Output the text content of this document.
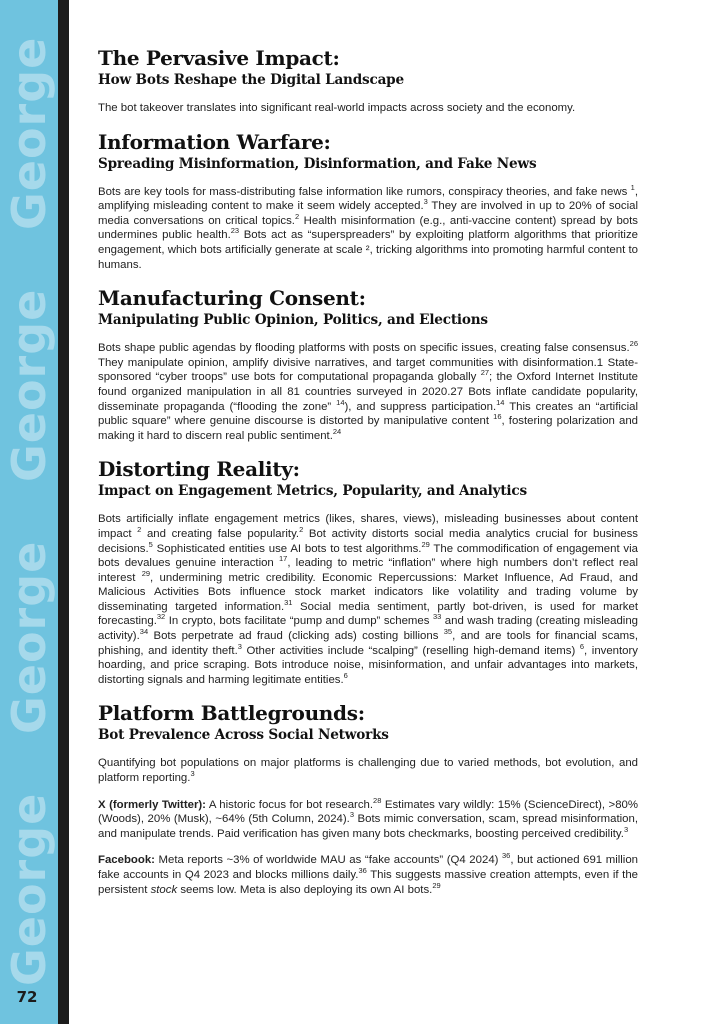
George
George
George
George
72
The Pervasive Impact:
How Bots Reshape the Digital Landscape

The bot takeover translates into significant real-world impacts across society and the economy.

Information Warfare:
Spreading Misinformation, Disinformation, and Fake News

Bots are key tools for mass-distributing false information like rumors, conspiracy theories, and fake news $^1$, amplifying misleading content to make it seem widely accepted.$^3$ They are involved in up to 20% of social media conversations on critical topics.$^2$ Health misinformation (e.g., anti-vaccine content) spread by bots undermines public health.$^{23}$ Bots act as “superspreaders” by exploiting platform algorithms that prioritize engagement, which bots artificially generate at scale ², tricking algorithms into promoting harmful content to humans.

Manufacturing Consent:
Manipulating Public Opinion, Politics, and Elections

Bots shape public agendas by flooding platforms with posts on specific issues, creating false consensus.$^{26}$ They manipulate opinion, amplify divisive narratives, and target communities with disinformation.1 State-sponsored “cyber troops” use bots for computational propaganda globally $^{27}$; the Oxford Internet Institute found organized manipulation in all 81 countries surveyed in 2020.27 Bots inflate candidate popularity, disseminate propaganda (“flooding the zone” $^{14}$), and suppress participation.$^{14}$ This creates an “artificial public square” where genuine discourse is distorted by manipulative content $^{16}$, fostering polarization and making it hard to discern real public sentiment.$^{24}$

Distorting Reality:
Impact on Engagement Metrics, Popularity, and Analytics

Bots artificially inflate engagement metrics (likes, shares, views), misleading businesses about content impact $^2$ and creating false popularity.$^2$ Bot activity distorts social media analytics crucial for business decisions.$^5$ Sophisticated entities use AI bots to test algorithms.$^{29}$ The commodification of engagement via bots devalues genuine interaction $^{17}$, leading to metric “inflation” where high numbers don’t reflect real interest $^{29}$, undermining metric credibility. Economic Repercussions: Market Influence, Ad Fraud, and Malicious Activities Bots influence stock market indicators like volatility and trading volume by disseminating targeted information.$^{31}$ Social media sentiment, partly bot-driven, is used for market forecasting.$^{32}$ In crypto, bots facilitate “pump and dump” schemes $^{33}$ and wash trading (creating misleading activity).$^{34}$ Bots perpetrate ad fraud (clicking ads) costing billions $^{35}$, and are tools for financial scams, phishing, and identity theft.$^3$ Other activities include “scalping” (reselling high-demand items) $^6$, inventory hoarding, and price scraping. Bots introduce noise, misinformation, and unfair advantages into markets, distorting signals and harming legitimate entities.$^6$

Platform Battlegrounds:
Bot Prevalence Across Social Networks

Quantifying bot populations on major platforms is challenging due to varied methods, bot evolution, and platform reporting.$^3$

X (formerly Twitter): A historic focus for bot research.$^{28}$ Estimates vary wildly: 15% (ScienceDirect), >80% (Woods), 20% (Musk), ~64% (5th Column, 2024).$^3$ Bots mimic conversation, scam, spread misinformation, and manipulate trends. Paid verification has given many bots checkmarks, boosting perceived credibility.$^3$

Facebook: Meta reports ~3% of worldwide MAU as “fake accounts” (Q4 2024) $^{36}$, but actioned 691 million fake accounts in Q4 2023 and blocks millions daily.$^{36}$ This suggests massive creation attempts, even if the persistent stock seems low. Meta is also deploying its own AI bots.$^{29}$
